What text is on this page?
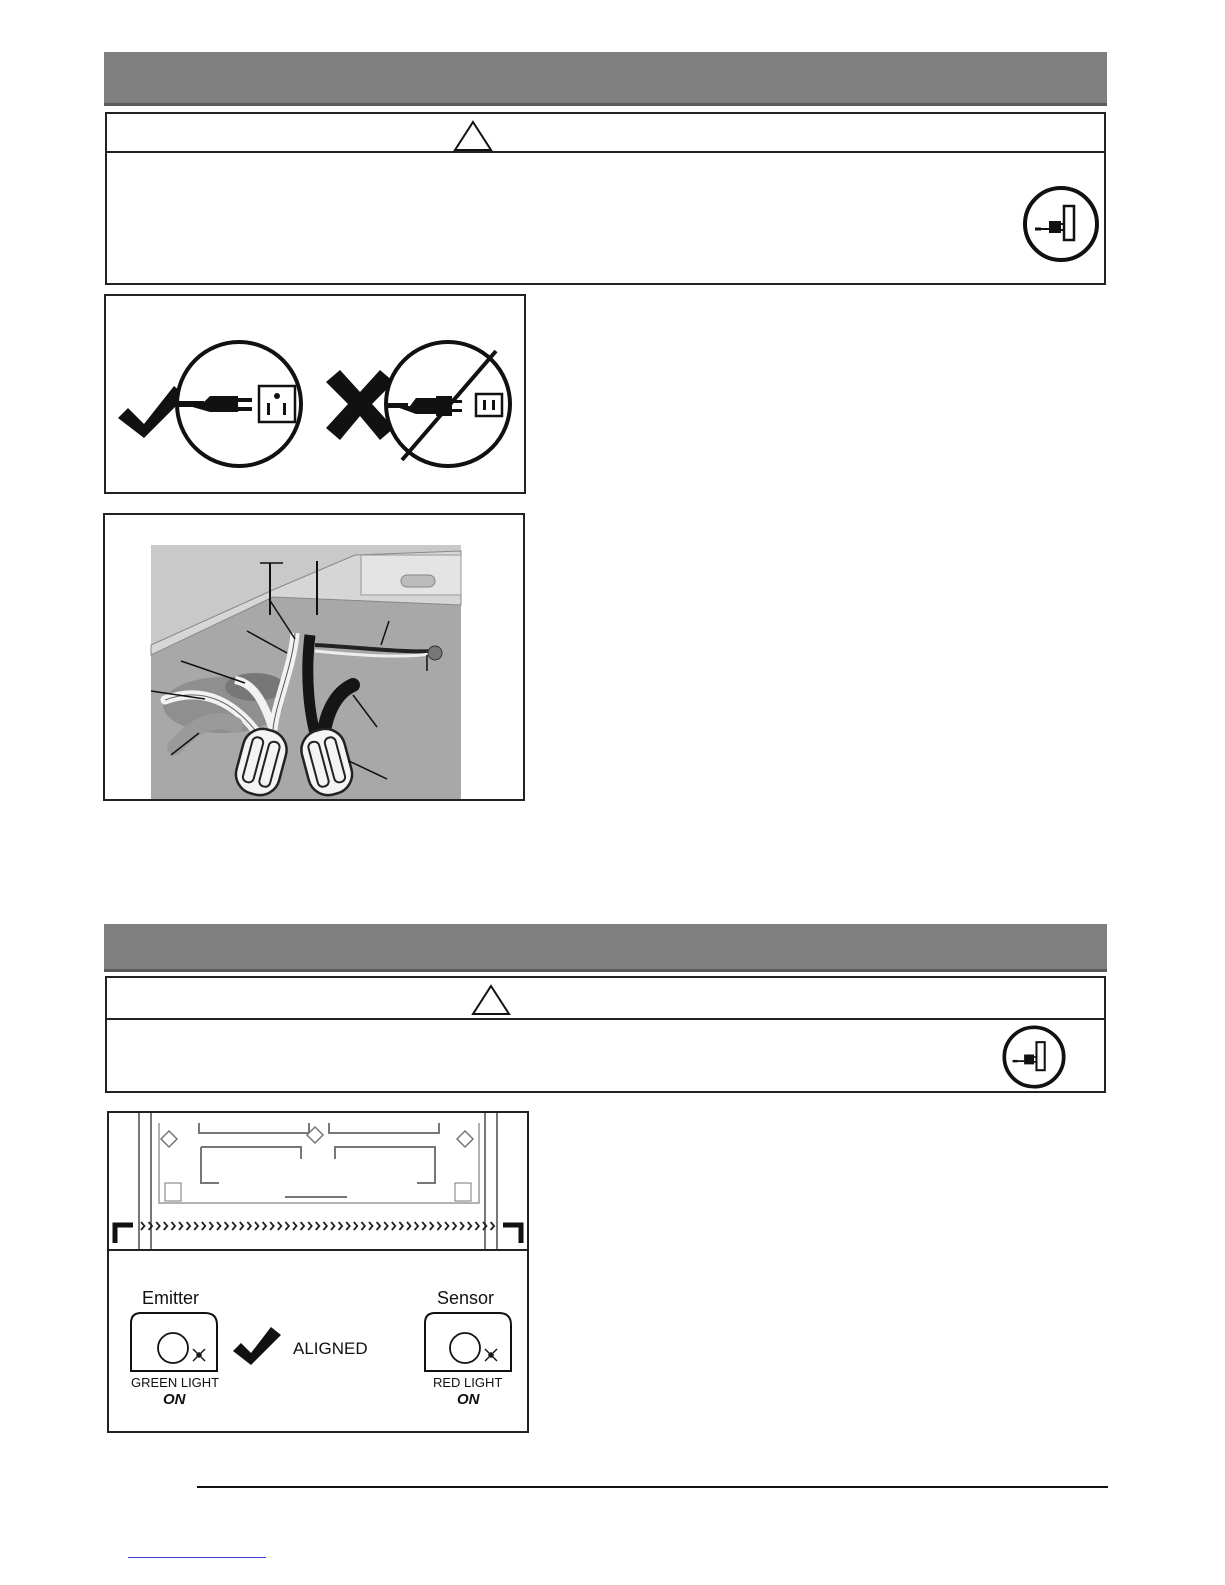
Emitter
GREEN LIGHT
ON
ALIGNED
Sensor
RED LIGHT
ON
